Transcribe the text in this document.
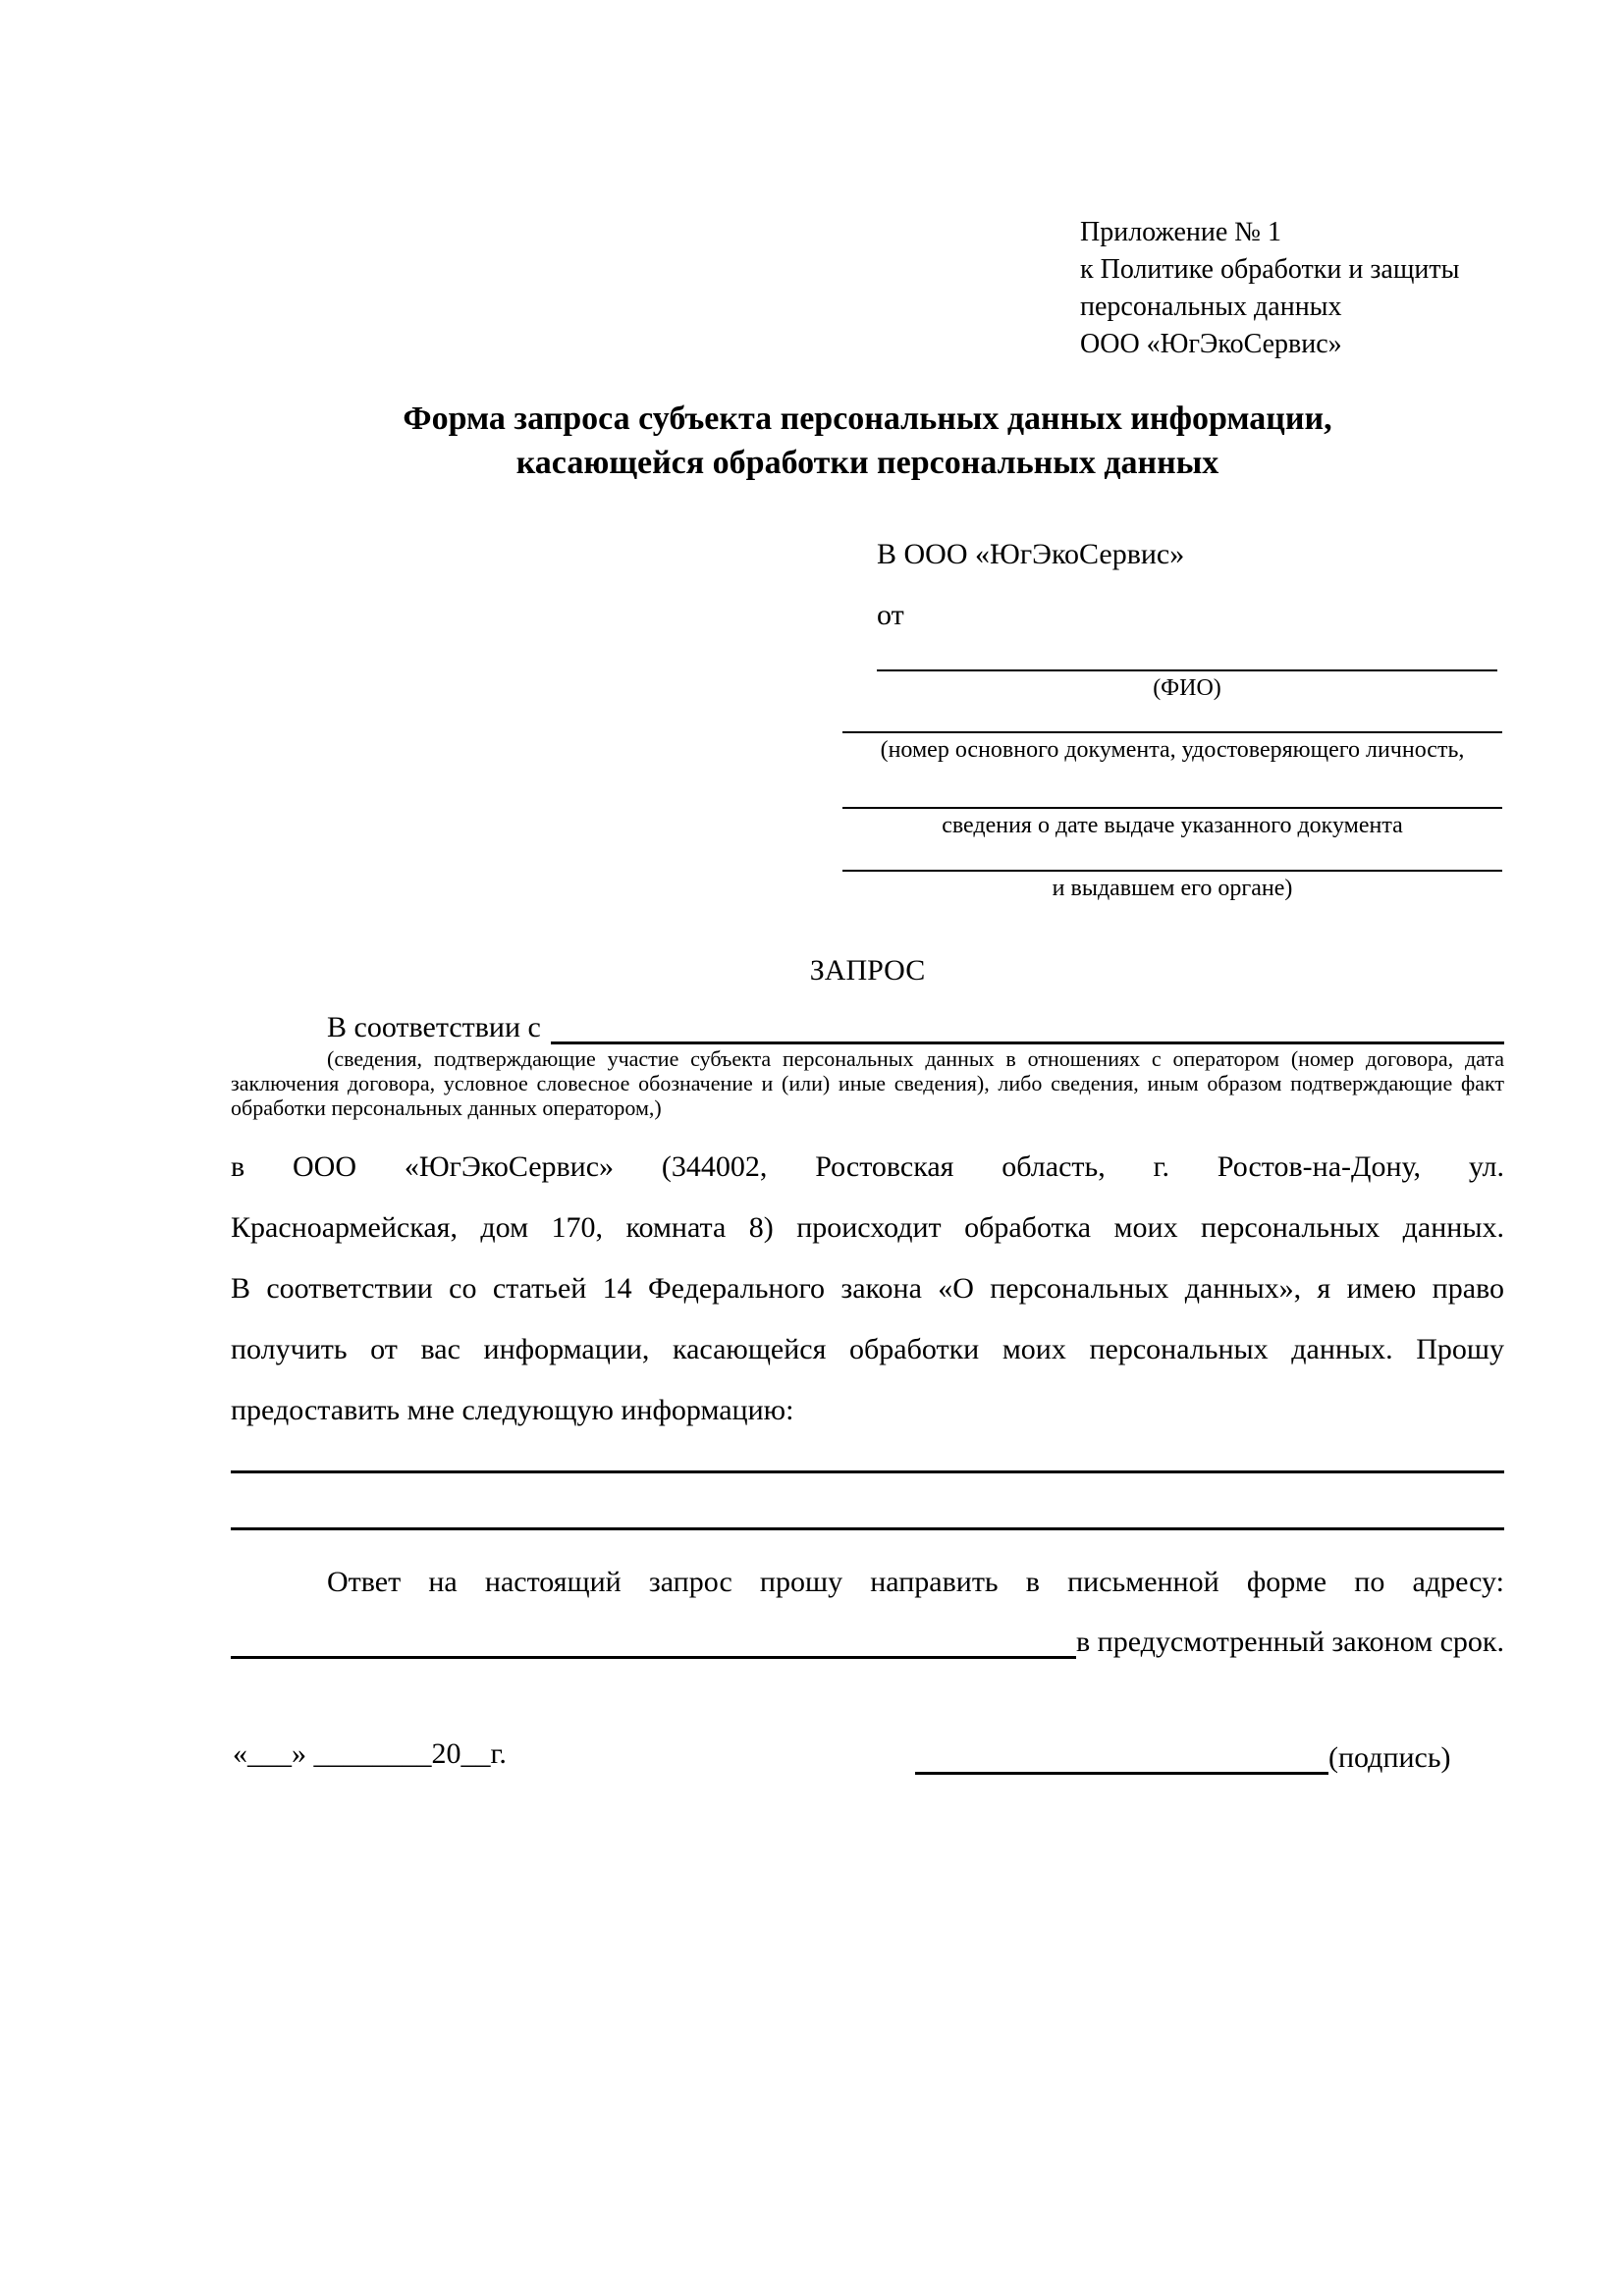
Приложение № 1
к Политике обработки и защиты
персональных данных
ООО «ЮгЭкоСервис»
Форма запроса субъекта персональных данных информации,
касающейся обработки персональных данных
В ООО «ЮгЭкоСервис»
от
(ФИО)
(номер основного документа, удостоверяющего личность,
сведения о дате выдаче указанного документа
и выдавшем его органе)
ЗАПРОС
В соответствии с
(сведения, подтверждающие участие субъекта персональных данных в отношениях с оператором (номер договора, дата
заключения договора, условное словесное обозначение и (или) иные сведения), либо сведения, иным образом подтверждающие факт
обработки персональных данных оператором,)
в ООО «ЮгЭкоСервис» (344002, Ростовская область, г. Ростов-на-Дону, ул.
Красноармейская, дом 170, комната 8) происходит обработка моих персональных данных.
В соответствии со статьей 14 Федерального закона «О персональных данных», я имею право
получить от вас информации, касающейся обработки моих персональных данных. Прошу
предоставить мне следующую информацию:
Ответ на настоящий запрос прошу направить в письменной форме по адресу:
в предусмотренный законом срок.
«___» ________20__г.	(подпись)
